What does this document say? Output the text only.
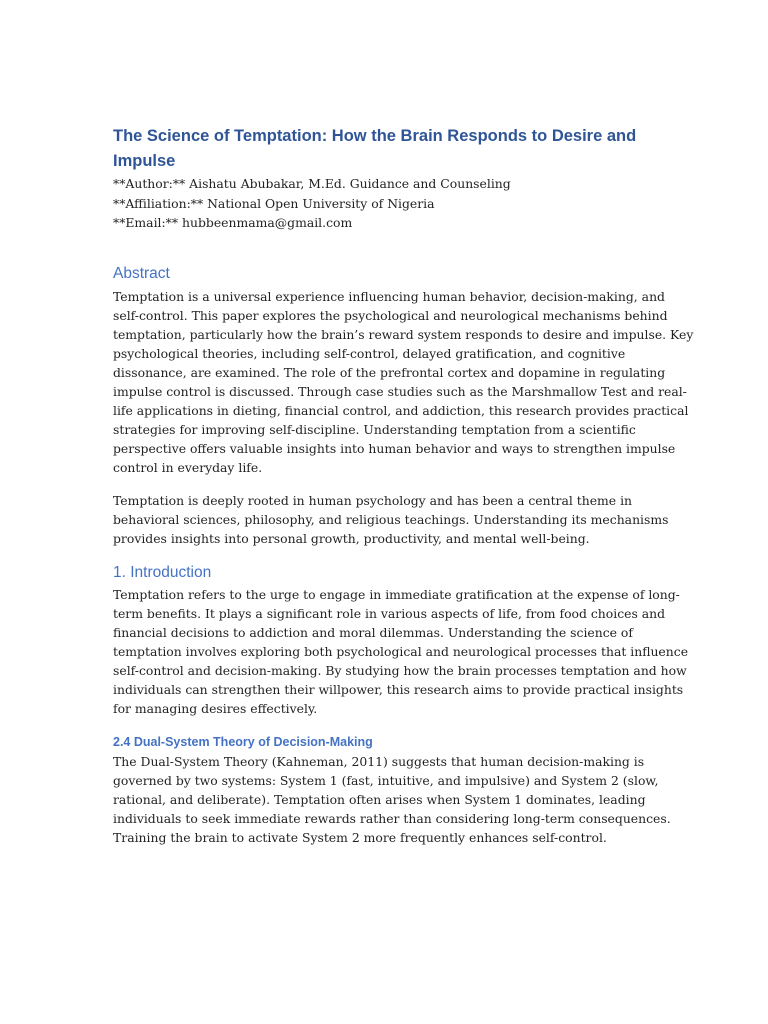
The Science of Temptation: How the Brain Responds to Desire and
Impulse
**Author:** Aishatu Abubakar, M.Ed. Guidance and Counseling
**Affiliation:** National Open University of Nigeria
**Email:** hubbeenmama@gmail.com
Abstract

Temptation is a universal experience influencing human behavior, decision-making, and
self-control. This paper explores the psychological and neurological mechanisms behind
temptation, particularly how the brain’s reward system responds to desire and impulse. Key
psychological theories, including self-control, delayed gratification, and cognitive
dissonance, are examined. The role of the prefrontal cortex and dopamine in regulating
impulse control is discussed. Through case studies such as the Marshmallow Test and real-
life applications in dieting, financial control, and addiction, this research provides practical
strategies for improving self-discipline. Understanding temptation from a scientific
perspective offers valuable insights into human behavior and ways to strengthen impulse
control in everyday life.

Temptation is deeply rooted in human psychology and has been a central theme in
behavioral sciences, philosophy, and religious teachings. Understanding its mechanisms
provides insights into personal growth, productivity, and mental well-being.

1. Introduction

Temptation refers to the urge to engage in immediate gratification at the expense of long-
term benefits. It plays a significant role in various aspects of life, from food choices and
financial decisions to addiction and moral dilemmas. Understanding the science of
temptation involves exploring both psychological and neurological processes that influence
self-control and decision-making. By studying how the brain processes temptation and how
individuals can strengthen their willpower, this research aims to provide practical insights
for managing desires effectively.

2.4 Dual-System Theory of Decision-Making

The Dual-System Theory (Kahneman, 2011) suggests that human decision-making is
governed by two systems: System 1 (fast, intuitive, and impulsive) and System 2 (slow,
rational, and deliberate). Temptation often arises when System 1 dominates, leading
individuals to seek immediate rewards rather than considering long-term consequences.
Training the brain to activate System 2 more frequently enhances self-control.
